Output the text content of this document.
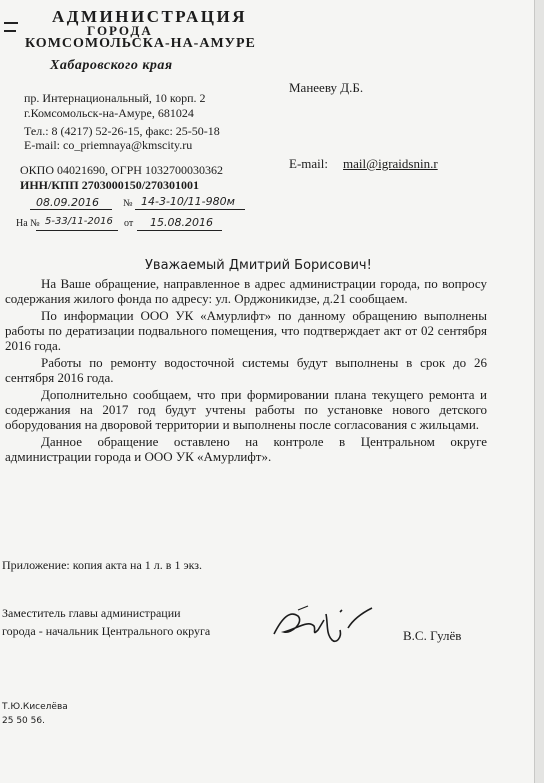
АДМИНИСТРАЦИЯ
ГОРОДА
КОМСОМОЛЬСКА-НА-АМУРЕ
Хабаровского края
пр. Интернациональный, 10 корп. 2
г.Комсомольск-на-Амуре, 681024
Тел.: 8 (4217) 52-26-15, факс: 25-50-18
E-mail: co_priemnaya@kmscity.ru
ОКПО 04021690, ОГРН 1032700030362
ИНН/КПП 2703000150/270301001
08.09.2016 № 14-3-10/11-980м
На № 5-33/11-2016 от 15.08.2016
Манеeву Д.Б.
E-mail: mail@igraidsnin.r
Уважаемый Дмитрий Борисович!

На Ваше обращение, направленное в адрес администрации города, по вопросу содержания жилого фонда по адресу: ул. Орджоникидзе, д.21 сообщаем.

По информации ООО УК «Амурлифт» по данному обращению выполнены работы по дератизации подвального помещения, что подтверждает акт от 02 сентября 2016 года.

Работы по ремонту водосточной системы будут выполнены в срок до 26 сентября 2016 года.

Дополнительно сообщаем, что при формировании плана текущего ремонта и содержания на 2017 год будут учтены работы по установке нового детского оборудования на дворовой территории и выполнены после согласования с жильцами.

Данное обращение оставлено на контроле в Центральном округе администрации города и ООО УК «Амурлифт».

Приложение: копия акта на 1 л. в 1 экз.
Заместитель главы администрации
города - начальник Центрального округа	В.С. Гулёв
Т.Ю.Киселёва
25 50 56.
